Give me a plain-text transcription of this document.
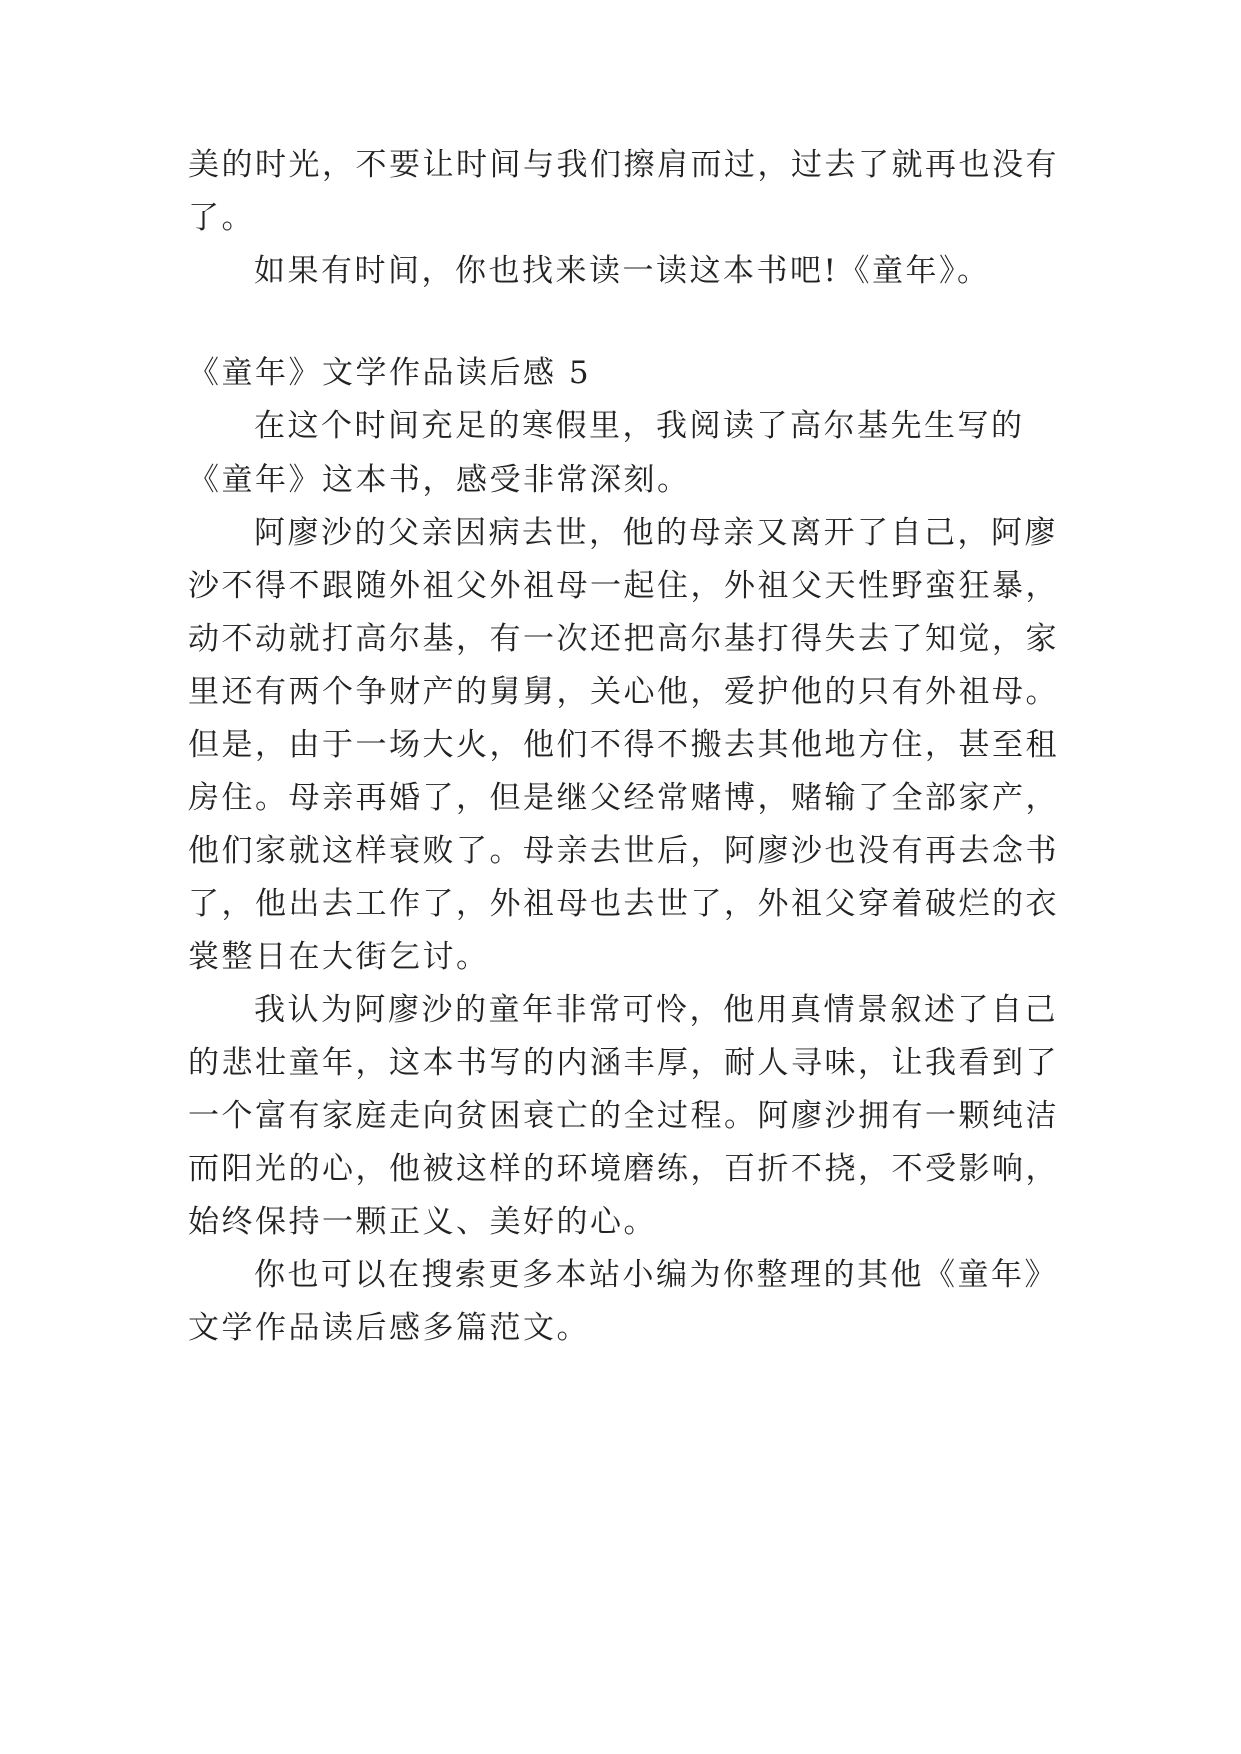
美的时光，不要让时间与我们擦肩而过，过去了就再也没有
了。
如果有时间，你也找来读一读这本书吧!《童年》。
《童年》文学作品读后感 5
在这个时间充足的寒假里，我阅读了高尔基先生写的
《童年》这本书，感受非常深刻。
阿廖沙的父亲因病去世，他的母亲又离开了自己，阿廖
沙不得不跟随外祖父外祖母一起住，外祖父天性野蛮狂暴，
动不动就打高尔基，有一次还把高尔基打得失去了知觉，家
里还有两个争财产的舅舅，关心他，爱护他的只有外祖母。
但是，由于一场大火，他们不得不搬去其他地方住，甚至租
房住。母亲再婚了，但是继父经常赌博，赌输了全部家产，
他们家就这样衰败了。母亲去世后，阿廖沙也没有再去念书
了，他出去工作了，外祖母也去世了，外祖父穿着破烂的衣
裳整日在大街乞讨。
我认为阿廖沙的童年非常可怜，他用真情景叙述了自己
的悲壮童年，这本书写的内涵丰厚，耐人寻味，让我看到了
一个富有家庭走向贫困衰亡的全过程。阿廖沙拥有一颗纯洁
而阳光的心，他被这样的环境磨练，百折不挠，不受影响，
始终保持一颗正义、美好的心。
你也可以在搜索更多本站小编为你整理的其他《童年》
文学作品读后感多篇范文。
